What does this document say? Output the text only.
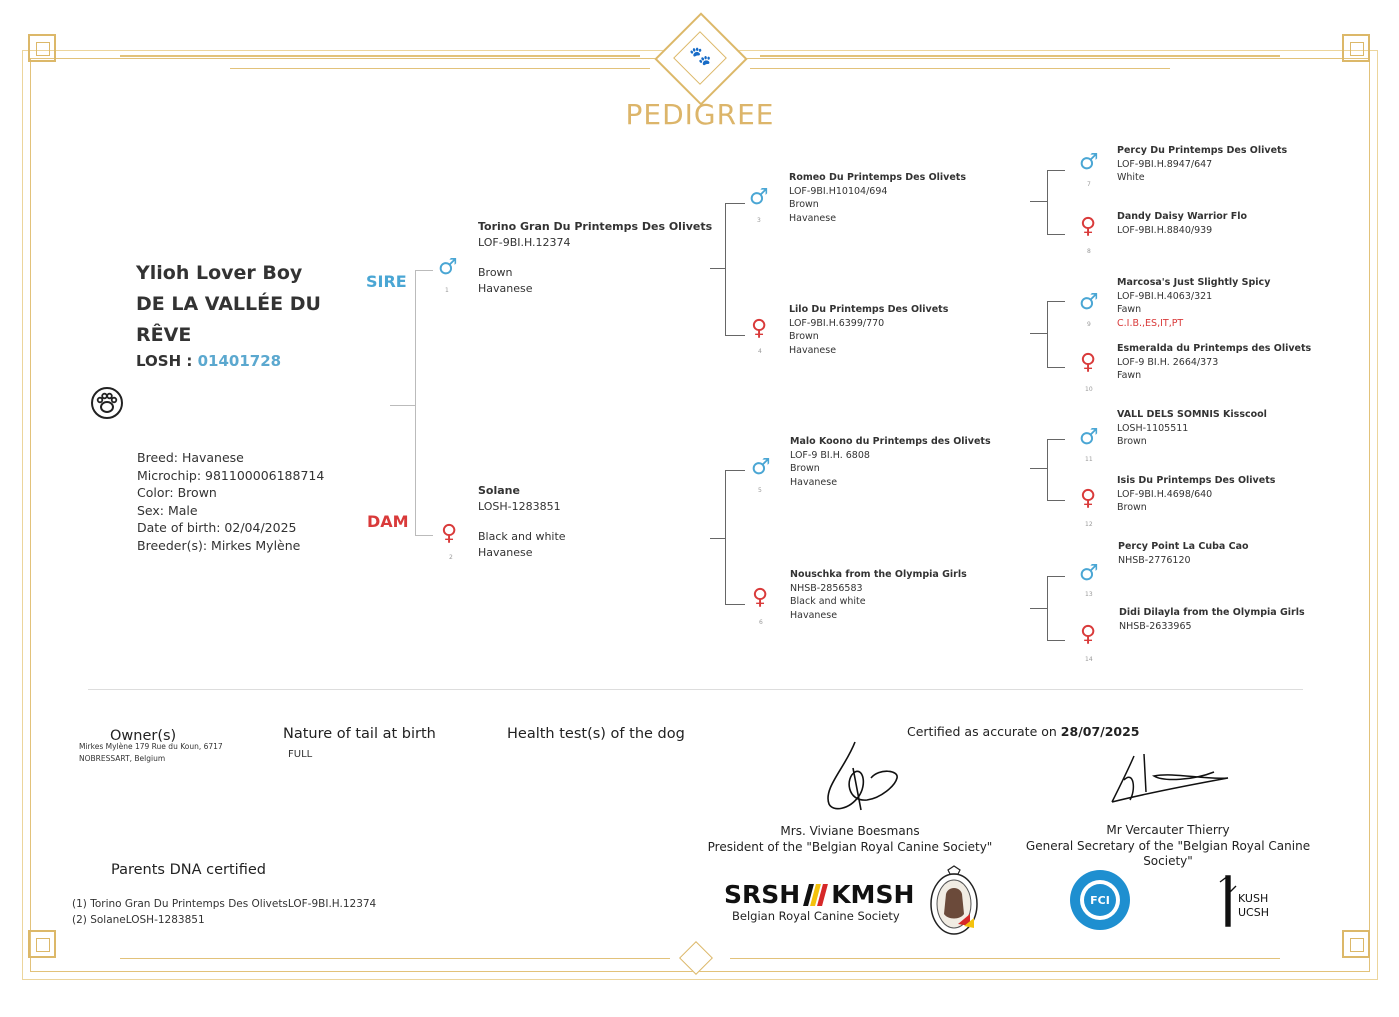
🐾
PEDIGREE
Ylioh Lover Boy
DE LA VALLÉE DU
RÊVE
LOSH : 01401728
Breed: Havanese
Microchip: 981100006188714
Color: Brown
Sex: Male
Date of birth: 02/04/2025
Breeder(s): Mirkes Mylène
SIRE
DAM
♂
1
Torino Gran Du Printemps Des Olivets
LOF-9BI.H.12374
Brown
Havanese
♀
2
Solane
LOSH-1283851
Black and white
Havanese
♂
3
Romeo Du Printemps Des Olivets
LOF-9BI.H10104/694
Brown
Havanese
♀
4
Lilo Du Printemps Des Olivets
LOF-9BI.H.6399/770
Brown
Havanese
♂
5
Malo Koono du Printemps des Olivets
LOF-9 BI.H. 6808
Brown
Havanese
♀
6
Nouschka from the Olympia Girls
NHSB-2856583
Black and white
Havanese
♂
7
Percy Du Printemps Des Olivets
LOF-9BI.H.8947/647
White
♀
8
Dandy Daisy Warrior Flo
LOF-9BI.H.8840/939
♂
9
Marcosa's Just Slightly Spicy
LOF-9BI.H.4063/321
Fawn
C.I.B.,ES,IT,PT
♀
10
Esmeralda du Printemps des Olivets
LOF-9 BI.H. 2664/373
Fawn
♂
11
VALL DELS SOMNIS Kisscool
LOSH-1105511
Brown
♀
12
Isis Du Printemps Des Olivets
LOF-9BI.H.4698/640
Brown
♂
13
Percy Point La Cuba Cao
NHSB-2776120
♀
14
Didi Dilayla from the Olympia Girls
NHSB-2633965
Owner(s)
Mirkes Mylène 179 Rue du Koun, 6717
NOBRESSART, Belgium
Nature of tail at birth
FULL
Health test(s) of the dog	Certified as accurate on 28/07/2025
Mrs. Viviane Boesmans
President of the "Belgian Royal Canine Society"
Mr Vercauter Thierry
General Secretary of the "Belgian Royal Canine Society"
Parents DNA certified
(1) Torino Gran Du Printemps Des OlivetsLOF-9BI.H.12374
(2) SolaneLOSH-1283851
SRSH KMSH
Belgian Royal Canine Society
FCI	KUSH
UCSH
